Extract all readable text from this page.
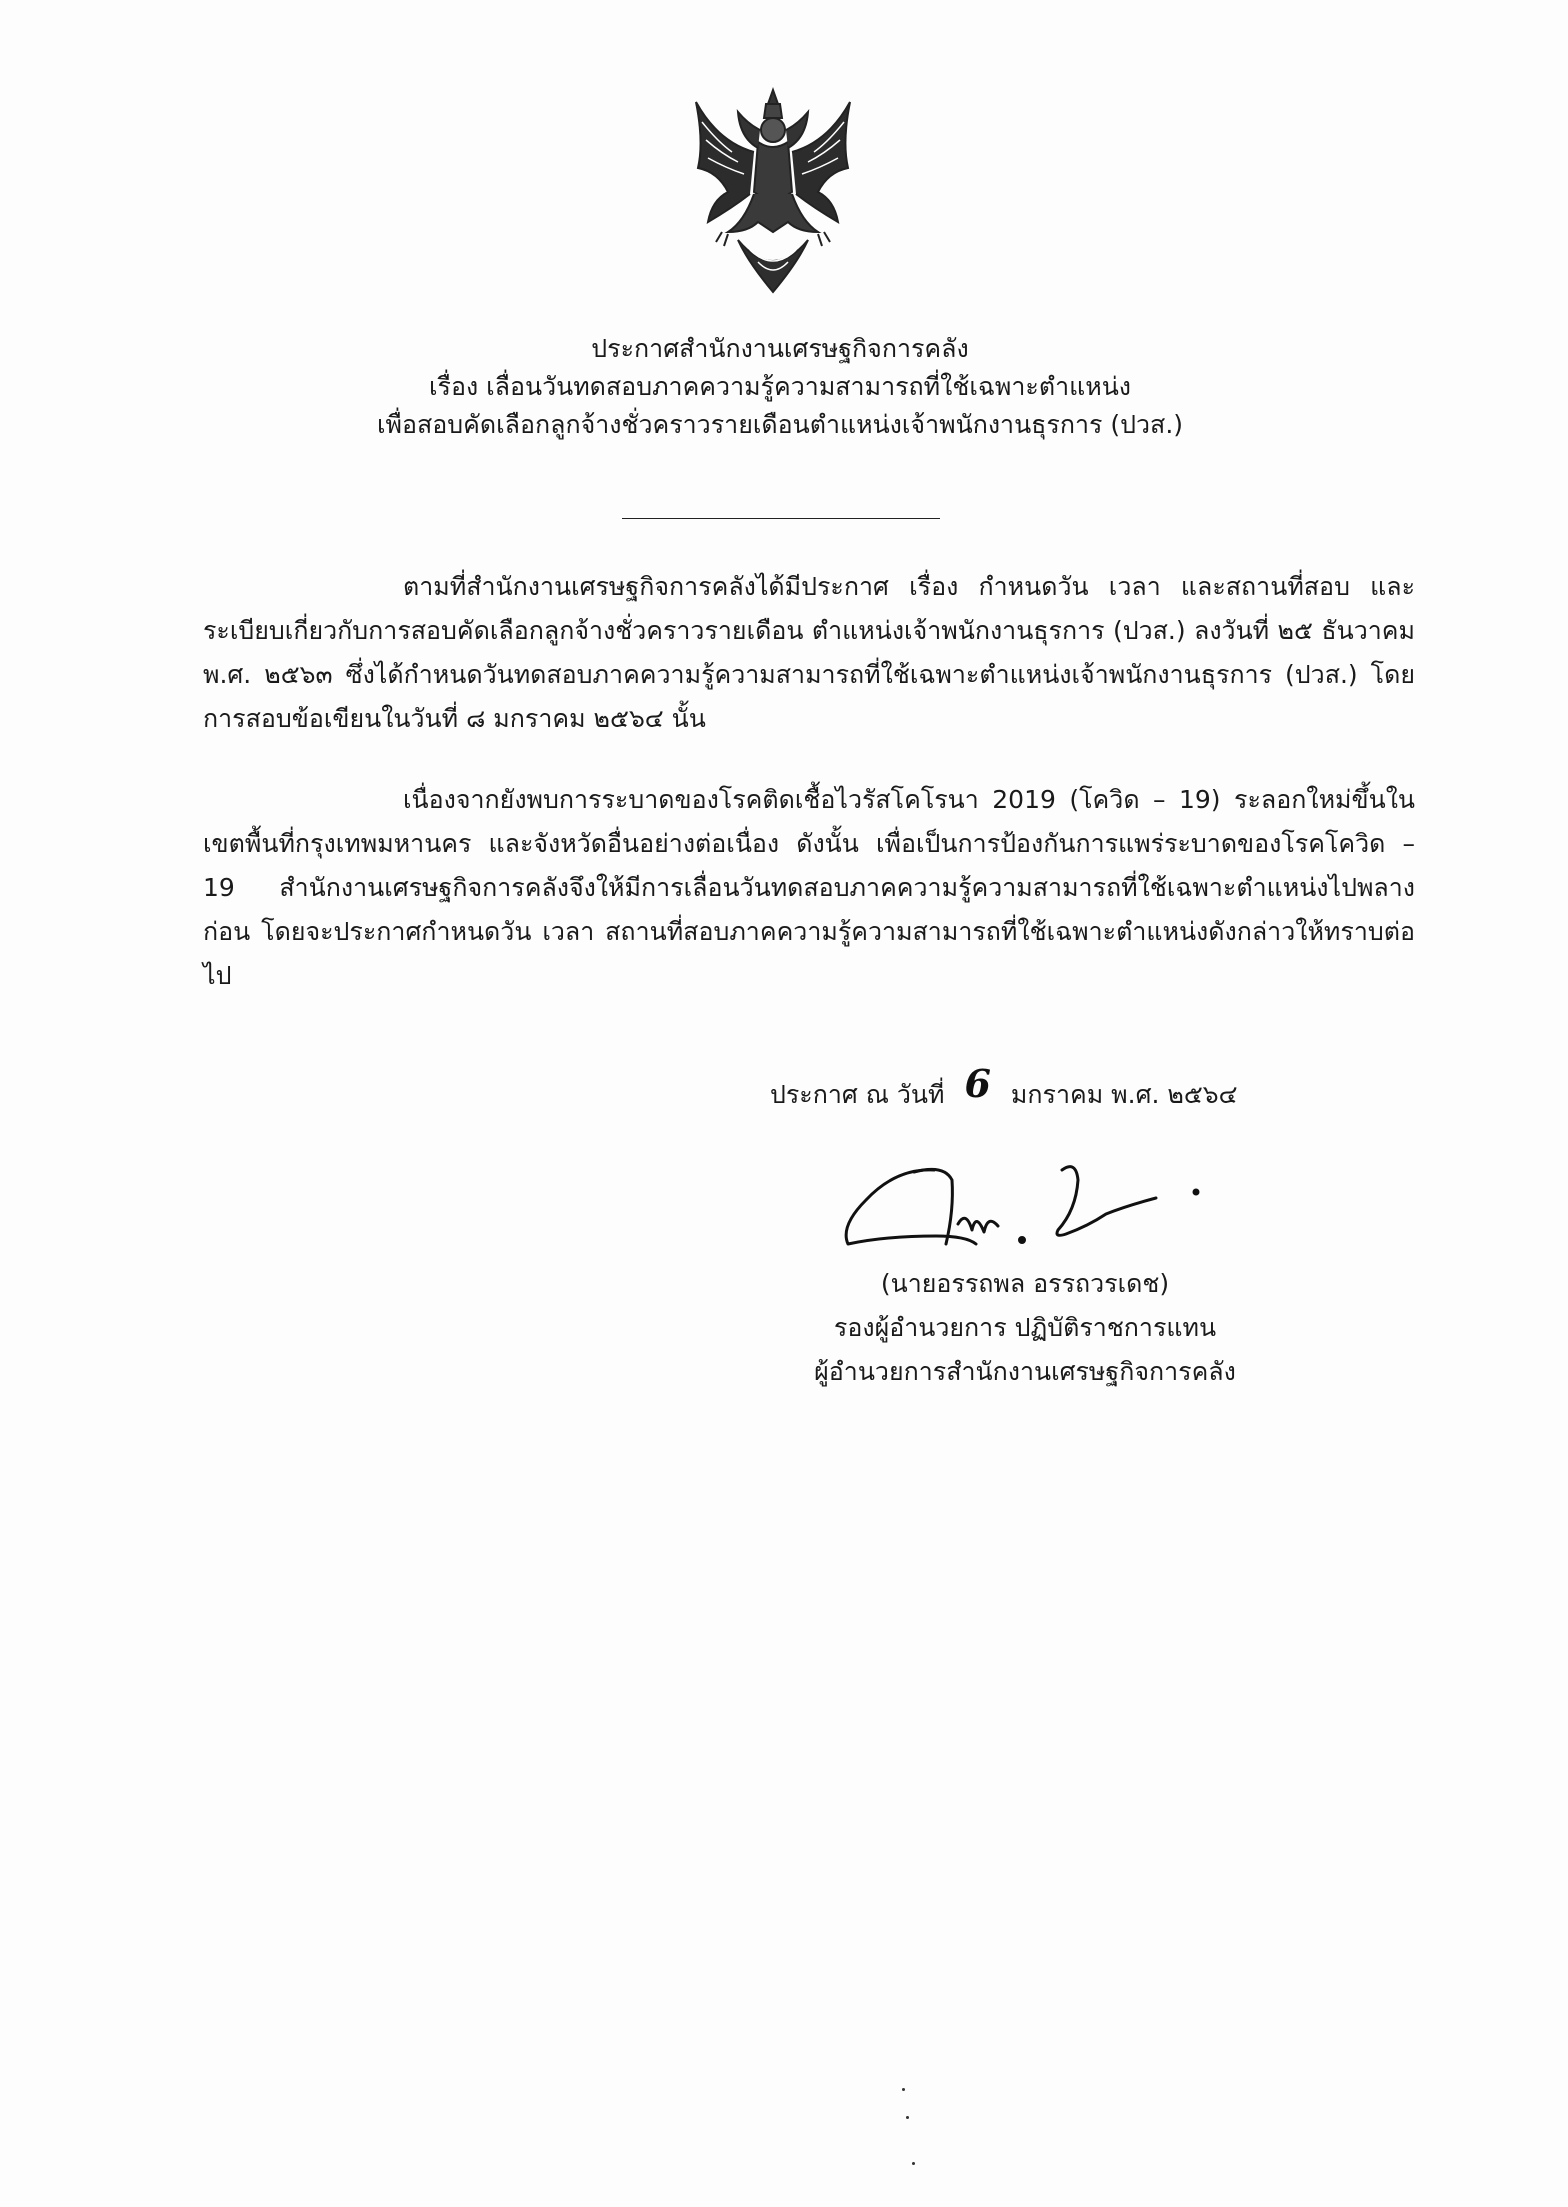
ประกาศสำนักงานเศรษฐกิจการคลัง
เรื่อง เลื่อนวันทดสอบภาคความรู้ความสามารถที่ใช้เฉพาะตำแหน่ง
เพื่อสอบคัดเลือกลูกจ้างชั่วคราวรายเดือนตำแหน่งเจ้าพนักงานธุรการ (ปวส.)
ตามที่สำนักงานเศรษฐกิจการคลังได้มีประกาศ เรื่อง กำหนดวัน เวลา และสถานที่สอบ และระเบียบเกี่ยวกับการสอบคัดเลือกลูกจ้างชั่วคราวรายเดือน ตำแหน่งเจ้าพนักงานธุรการ (ปวส.) ลงวันที่ ๒๕ ธันวาคม พ.ศ. ๒๕๖๓ ซึ่งได้กำหนดวันทดสอบภาคความรู้ความสามารถที่ใช้เฉพาะตำแหน่งเจ้าพนักงานธุรการ (ปวส.) โดยการสอบข้อเขียนในวันที่ ๘ มกราคม ๒๕๖๔ นั้น
เนื่องจากยังพบการระบาดของโรคติดเชื้อไวรัสโคโรนา 2019 (โควิด – 19) ระลอกใหม่ขึ้นในเขตพื้นที่กรุงเทพมหานคร และจังหวัดอื่นอย่างต่อเนื่อง ดังนั้น เพื่อเป็นการป้องกันการแพร่ระบาดของโรคโควิด – 19 สำนักงานเศรษฐกิจการคลังจึงให้มีการเลื่อนวันทดสอบภาคความรู้ความสามารถที่ใช้เฉพาะตำแหน่งไปพลางก่อน โดยจะประกาศกำหนดวัน เวลา สถานที่สอบภาคความรู้ความสามารถที่ใช้เฉพาะตำแหน่งดังกล่าวให้ทราบต่อไป
ประกาศ ณ วันที่ 6 มกราคม พ.ศ. ๒๕๖๔
(นายอรรถพล อรรถวรเดช)
รองผู้อำนวยการ ปฏิบัติราชการแทน
ผู้อำนวยการสำนักงานเศรษฐกิจการคลัง
